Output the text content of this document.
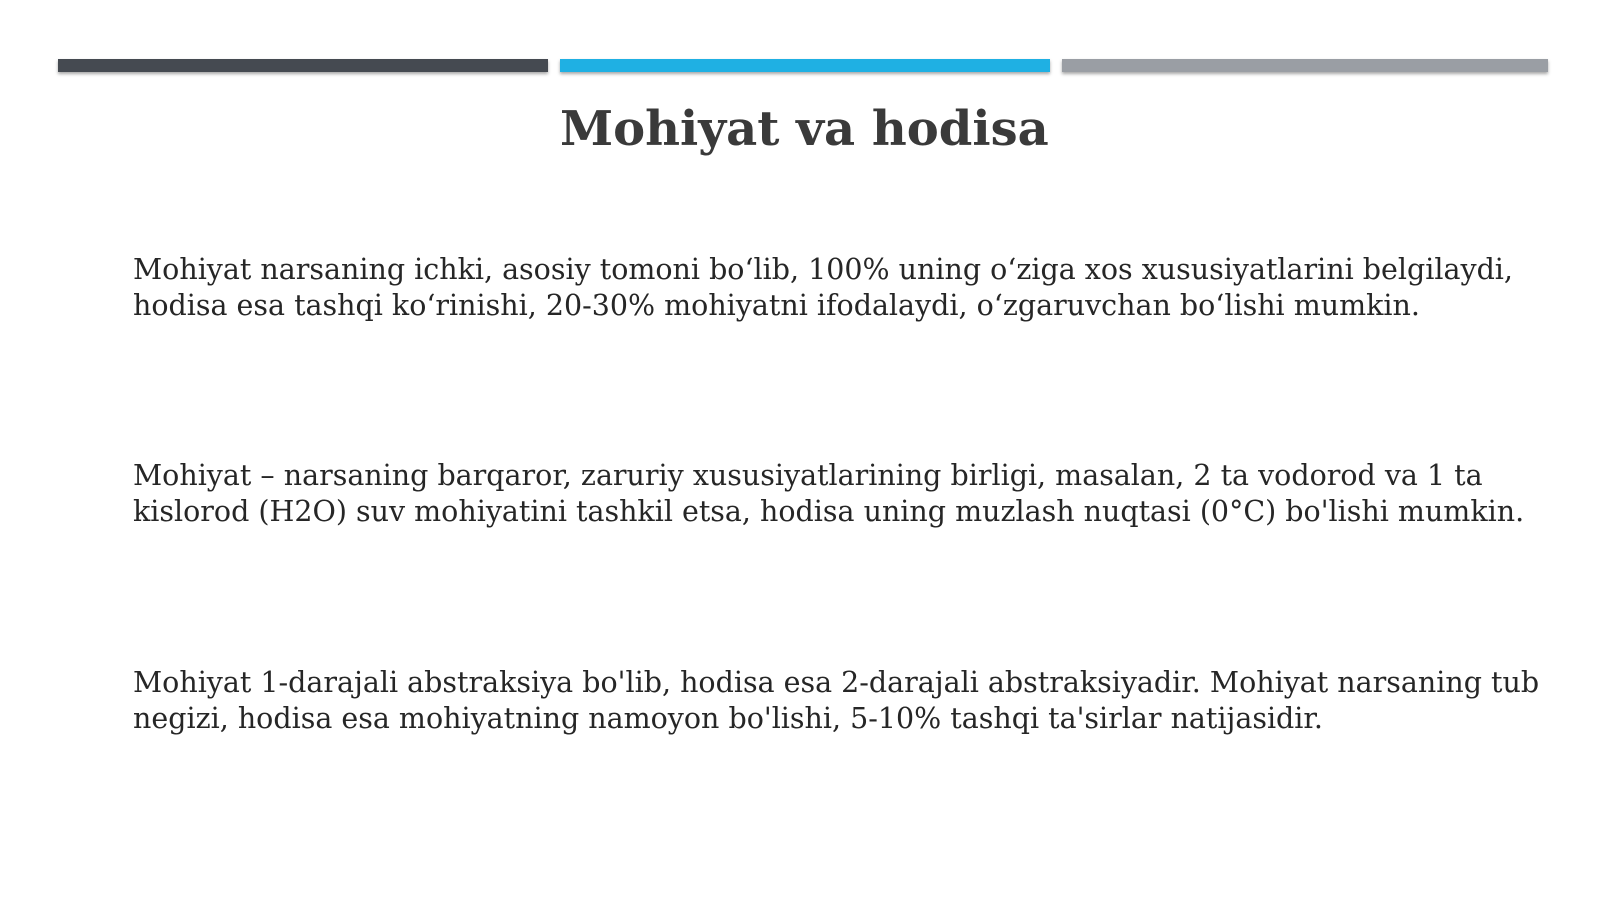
Mohiyat va hodisa

Mohiyat narsaning ichki, asosiy tomoni bo‘lib, 100% uning o‘ziga xos xususiyatlarini belgilaydi, hodisa esa tashqi ko‘rinishi, 20-30% mohiyatni ifodalaydi, o‘zgaruvchan bo‘lishi mumkin.

Mohiyat – narsaning barqaror, zaruriy xususiyatlarining birligi, masalan, 2 ta vodorod va 1 ta kislorod (H2O) suv mohiyatini tashkil etsa, hodisa uning muzlash nuqtasi (0°C) bo'lishi mumkin.

Mohiyat 1-darajali abstraksiya bo'lib, hodisa esa 2-darajali abstraksiyadir. Mohiyat narsaning tub negizi, hodisa esa mohiyatning namoyon bo'lishi, 5-10% tashqi ta'sirlar natijasidir.
